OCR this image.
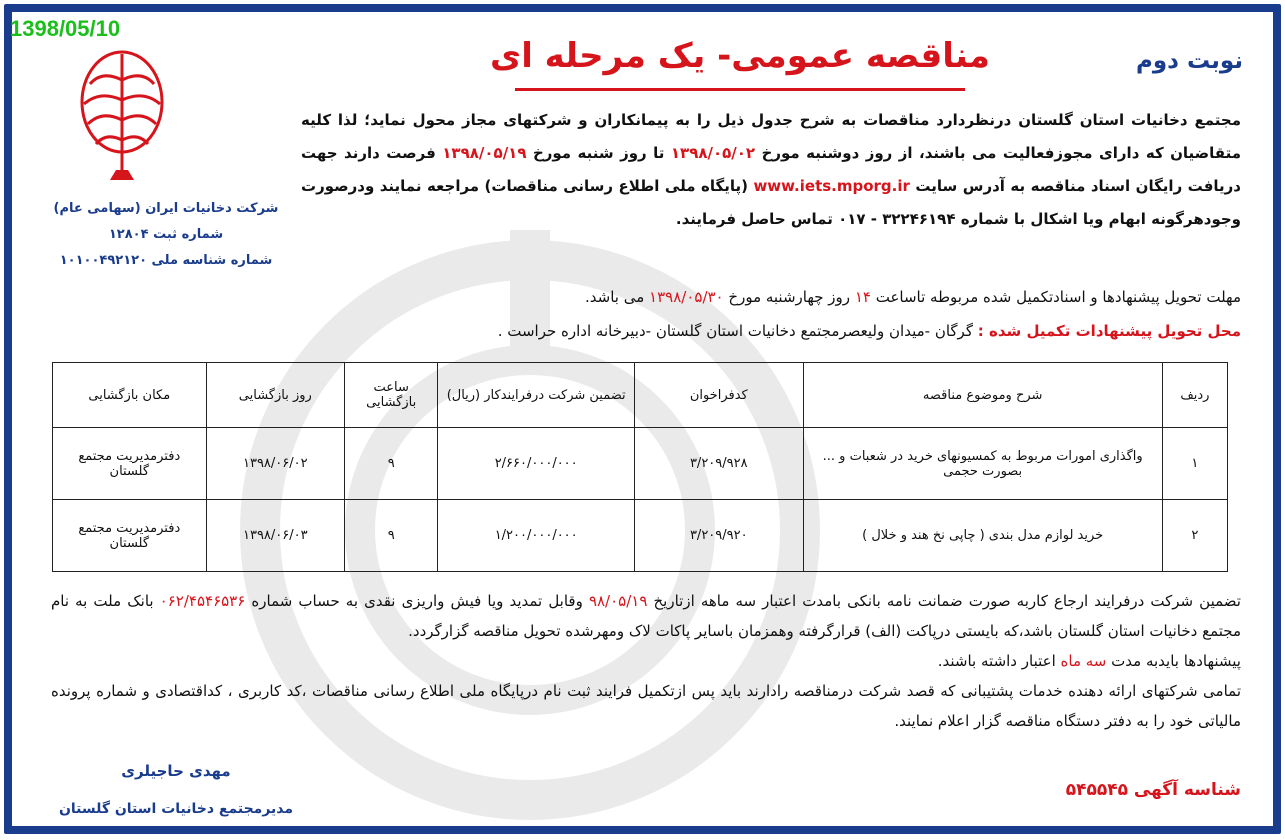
1398/05/10
شرکت دخانیات ایران (سهامی عام)
شماره ثبت ۱۲۸۰۴
شماره شناسه ملی ۱۰۱۰۰۴۹۲۱۲۰
نوبت دوم
مناقصه عمومی- یک مرحله ای
مجتمع دخانیات استان گلستان درنظردارد مناقصات به شرح جدول ذیل را به پیمانکاران و شرکتهای مجاز محول نماید؛ لذا کلیه متقاضیان که دارای مجوزفعالیت می باشند، از روز دوشنبه مورخ ۱۳۹۸/۰۵/۰۲ تا روز شنبه مورخ ۱۳۹۸/۰۵/۱۹ فرصت دارند جهت دریافت رایگان اسناد مناقصه به آدرس سایت www.iets.mporg.ir (پایگاه ملی اطلاع رسانی مناقصات) مراجعه نمایند ودرصورت وجودهرگونه ابهام ویا اشکال با شماره ۳۲۲۴۶۱۹۴ - ۰۱۷ تماس حاصل فرمایند.
مهلت تحویل پیشنهادها و اسنادتکمیل شده مربوطه تاساعت ۱۴ روز چهارشنبه مورخ ۱۳۹۸/۰۵/۳۰ می باشد.
محل تحویل پیشنهادات تکمیل شده : گرگان -میدان ولیعصرمجتمع دخانیات استان گلستان -دبیرخانه اداره حراست .
ردیف	شرح وموضوع مناقصه	کدفراخوان	تضمین شرکت درفرایندکار (ریال)	ساعت بازگشایی	روز بازگشایی	مکان بازگشایی
۱	واگذاری امورات مربوط به کمسیونهای خرید در شعبات و ... بصورت حجمی	۳/۲۰۹/۹۲۸	۲/۶۶۰/۰۰۰/۰۰۰	۹	۱۳۹۸/۰۶/۰۲	دفترمدیریت مجتمع گلستان
۲	خرید لوازم مدل بندی ( چاپی نخ هند و خلال )	۳/۲۰۹/۹۲۰	۱/۲۰۰/۰۰۰/۰۰۰	۹	۱۳۹۸/۰۶/۰۳	دفترمدیریت مجتمع گلستان

تضمین شرکت درفرایند ارجاع کاربه صورت ضمانت نامه بانکی بامدت اعتبار سه ماهه ازتاریخ ۹۸/۰۵/۱۹ وقابل تمدید ویا فیش واریزی نقدی به حساب شماره ۰۶۲/۴۵۴۶۵۳۶ بانک ملت به نام مجتمع دخانیات استان گلستان باشد،که بایستی درپاکت (الف) قرارگرفته وهمزمان باسایر پاکات لاک ومهرشده تحویل مناقصه گزارگردد.

پیشنهادها بایدبه مدت سه ماه اعتبار داشته باشند.

تمامی شرکتهای ارائه دهنده خدمات پشتیبانی که قصد شرکت درمناقصه رادارند باید پس ازتکمیل فرایند ثبت نام درپایگاه ملی اطلاع رسانی مناقصات ،کد کاربری ، کداقتصادی و شماره پرونده مالیاتی خود را به دفتر دستگاه مناقصه گزار اعلام نمایند.

مهدی حاجیلری
مدیرمجتمع دخانیات استان گلستان
شناسه آگهی ۵۴۵۵۴۵
